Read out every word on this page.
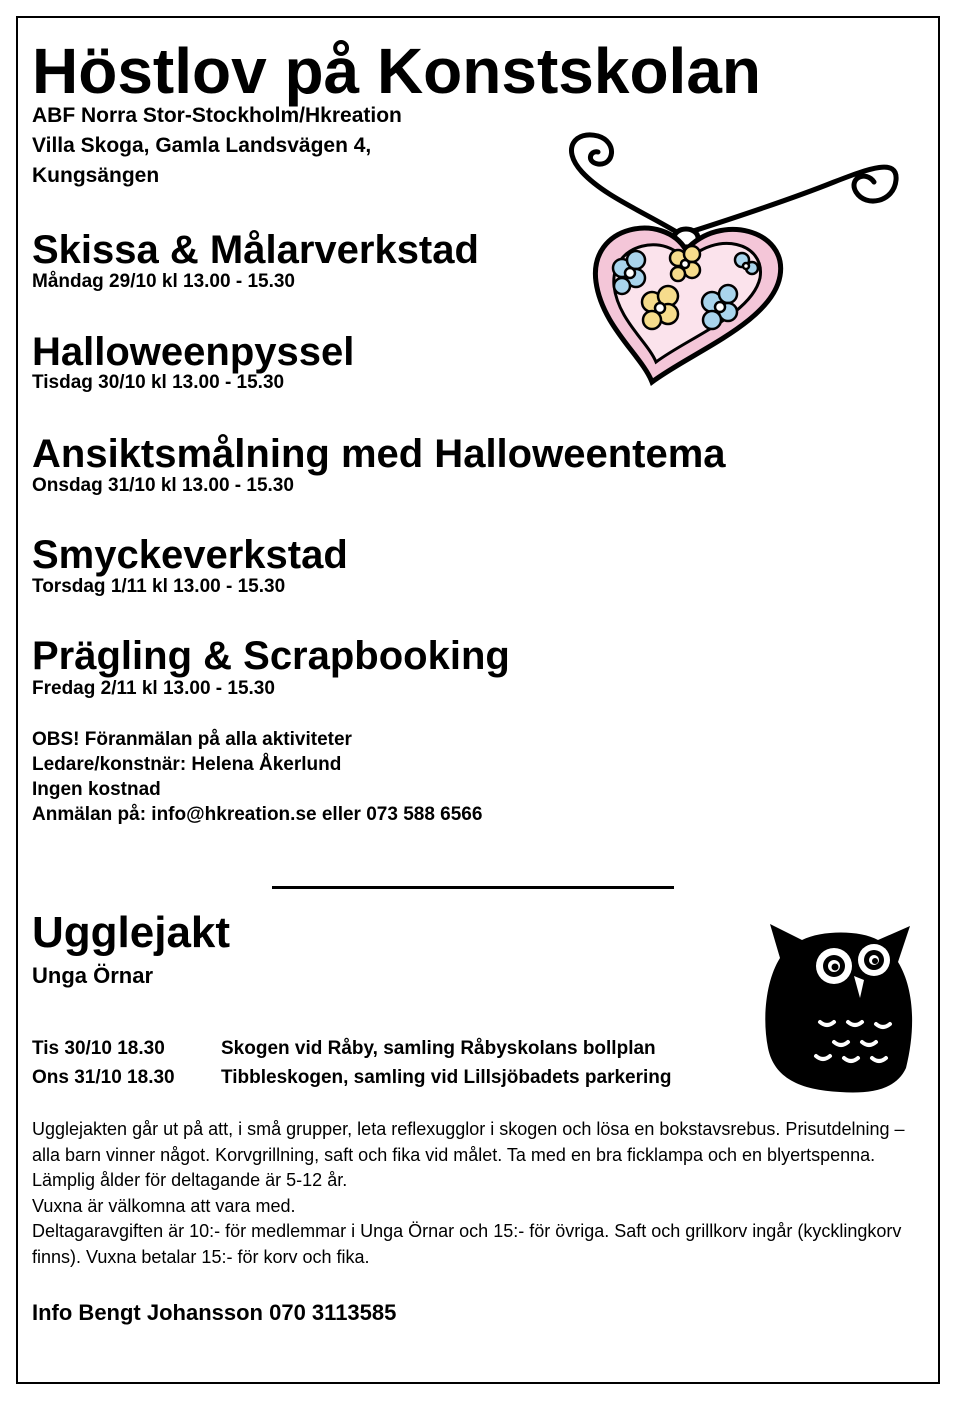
Höstlov på Konstskolan
ABF Norra Stor-Stockholm/Hkreation
Villa Skoga, Gamla Landsvägen 4,
Kungsängen
Skissa & Målarverkstad
Måndag 29/10 kl 13.00 - 15.30
Halloweenpyssel
Tisdag 30/10 kl 13.00 - 15.30
Ansiktsmålning med Halloweentema
Onsdag 31/10 kl 13.00 - 15.30
Smyckeverkstad
Torsdag 1/11 kl 13.00 - 15.30
Prägling & Scrapbooking
Fredag 2/11 kl 13.00 - 15.30
OBS! Föranmälan på alla aktiviteter
Ledare/konstnär: Helena Åkerlund
Ingen kostnad
Anmälan på: info@hkreation.se eller 073 588 6566
Ugglejakt
Unga Örnar
Tis 30/10 18.30	Skogen vid Råby, samling Råbyskolans bollplan
Ons 31/10 18.30 Tibbleskogen, samling vid Lillsjöbadets parkering

Ugglejakten går ut på att, i små grupper, leta reflexugglor i skogen och lösa en bokstavsrebus. Prisutdelning – alla barn vinner något. Korvgrillning, saft och fika vid målet. Ta med en bra ficklampa och en blyertspenna. Lämplig ålder för deltagande är 5-12 år.

Vuxna är välkomna att vara med.

Deltagaravgiften är 10:- för medlemmar i Unga Örnar och 15:- för övriga. Saft och grillkorv ingår (kycklingkorv finns). Vuxna betalar 15:- för korv och fika.

Info Bengt Johansson 070 3113585
